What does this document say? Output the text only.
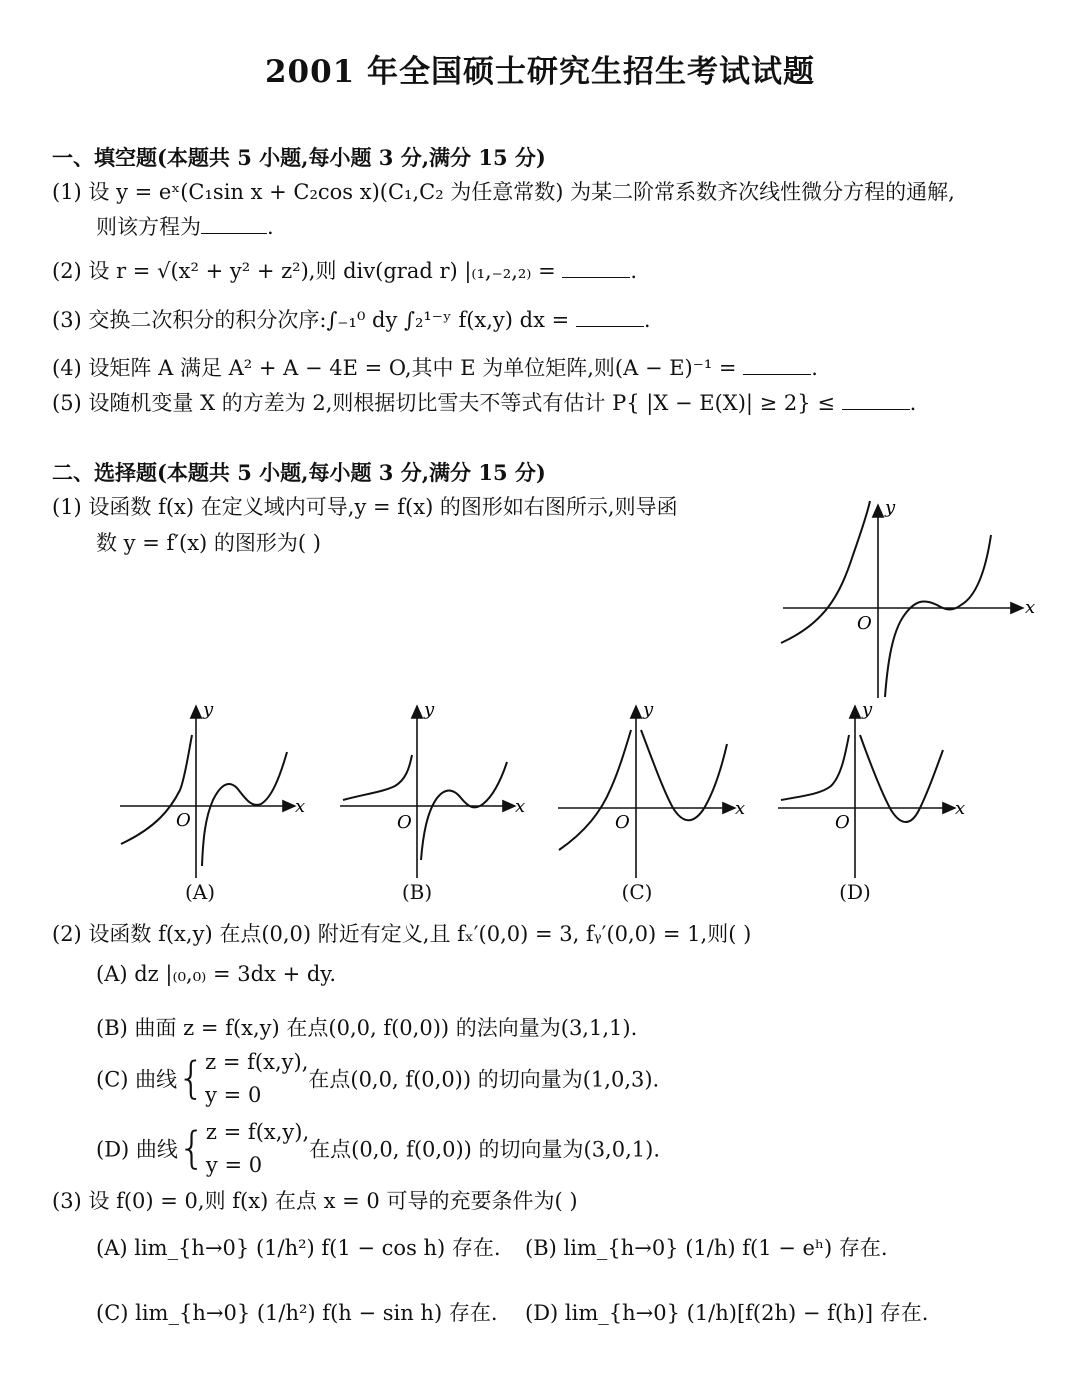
2001 年全国硕士研究生招生考试试题
一、填空题(本题共 5 小题,每小题 3 分,满分 15 分)
(1) 设 y = eˣ(C₁sin x + C₂cos x)(C₁,C₂ 为任意常数) 为某二阶常系数齐次线性微分方程的通解,
则该方程为	.
(2) 设 r = √(x² + y² + z²),则 div(grad r) |₍₁,₋₂,₂₎ =	.
(3) 交换二次积分的积分次序:∫₋₁⁰ dy ∫₂¹⁻ʸ f(x,y) dx =	.
(4) 设矩阵 A 满足 A² + A − 4E = O,其中 E 为单位矩阵,则(A − E)⁻¹ =	.
(5) 设随机变量 X 的方差为 2,则根据切比雪夫不等式有估计 P{ |X − E(X)| ≥ 2} ≤	.
二、选择题(本题共 5 小题,每小题 3 分,满分 15 分)
(1) 设函数 f(x) 在定义域内可导,y = f(x) 的图形如右图所示,则导函
数 y = f′(x) 的图形为( )
x
y
O
x
y
O
(A)
x
y
O
(B)
x
y
O
(C)
x
y
O
(D)
(2) 设函数 f(x,y) 在点(0,0) 附近有定义,且 fₓ′(0,0) = 3, fᵧ′(0,0) = 1,则( )
(A) dz |₍₀,₀₎ = 3dx + dy.
(B) 曲面 z = f(x,y) 在点(0,0, f(0,0)) 的法向量为(3,1,1).
(C) 曲线{ z = f(x,y),
y = 0
在点(0,0, f(0,0)) 的切向量为(1,0,3).
(D) 曲线{ z = f(x,y),
y = 0
在点(0,0, f(0,0)) 的切向量为(3,0,1).
(3) 设 f(0) = 0,则 f(x) 在点 x = 0 可导的充要条件为( )
(A) lim_{h→0} (1/h²) f(1 − cos h) 存在. (B) lim_{h→0} (1/h) f(1 − eʰ) 存在.
(C) lim_{h→0} (1/h²) f(h − sin h) 存在. (D) lim_{h→0} (1/h)[f(2h) − f(h)] 存在.
